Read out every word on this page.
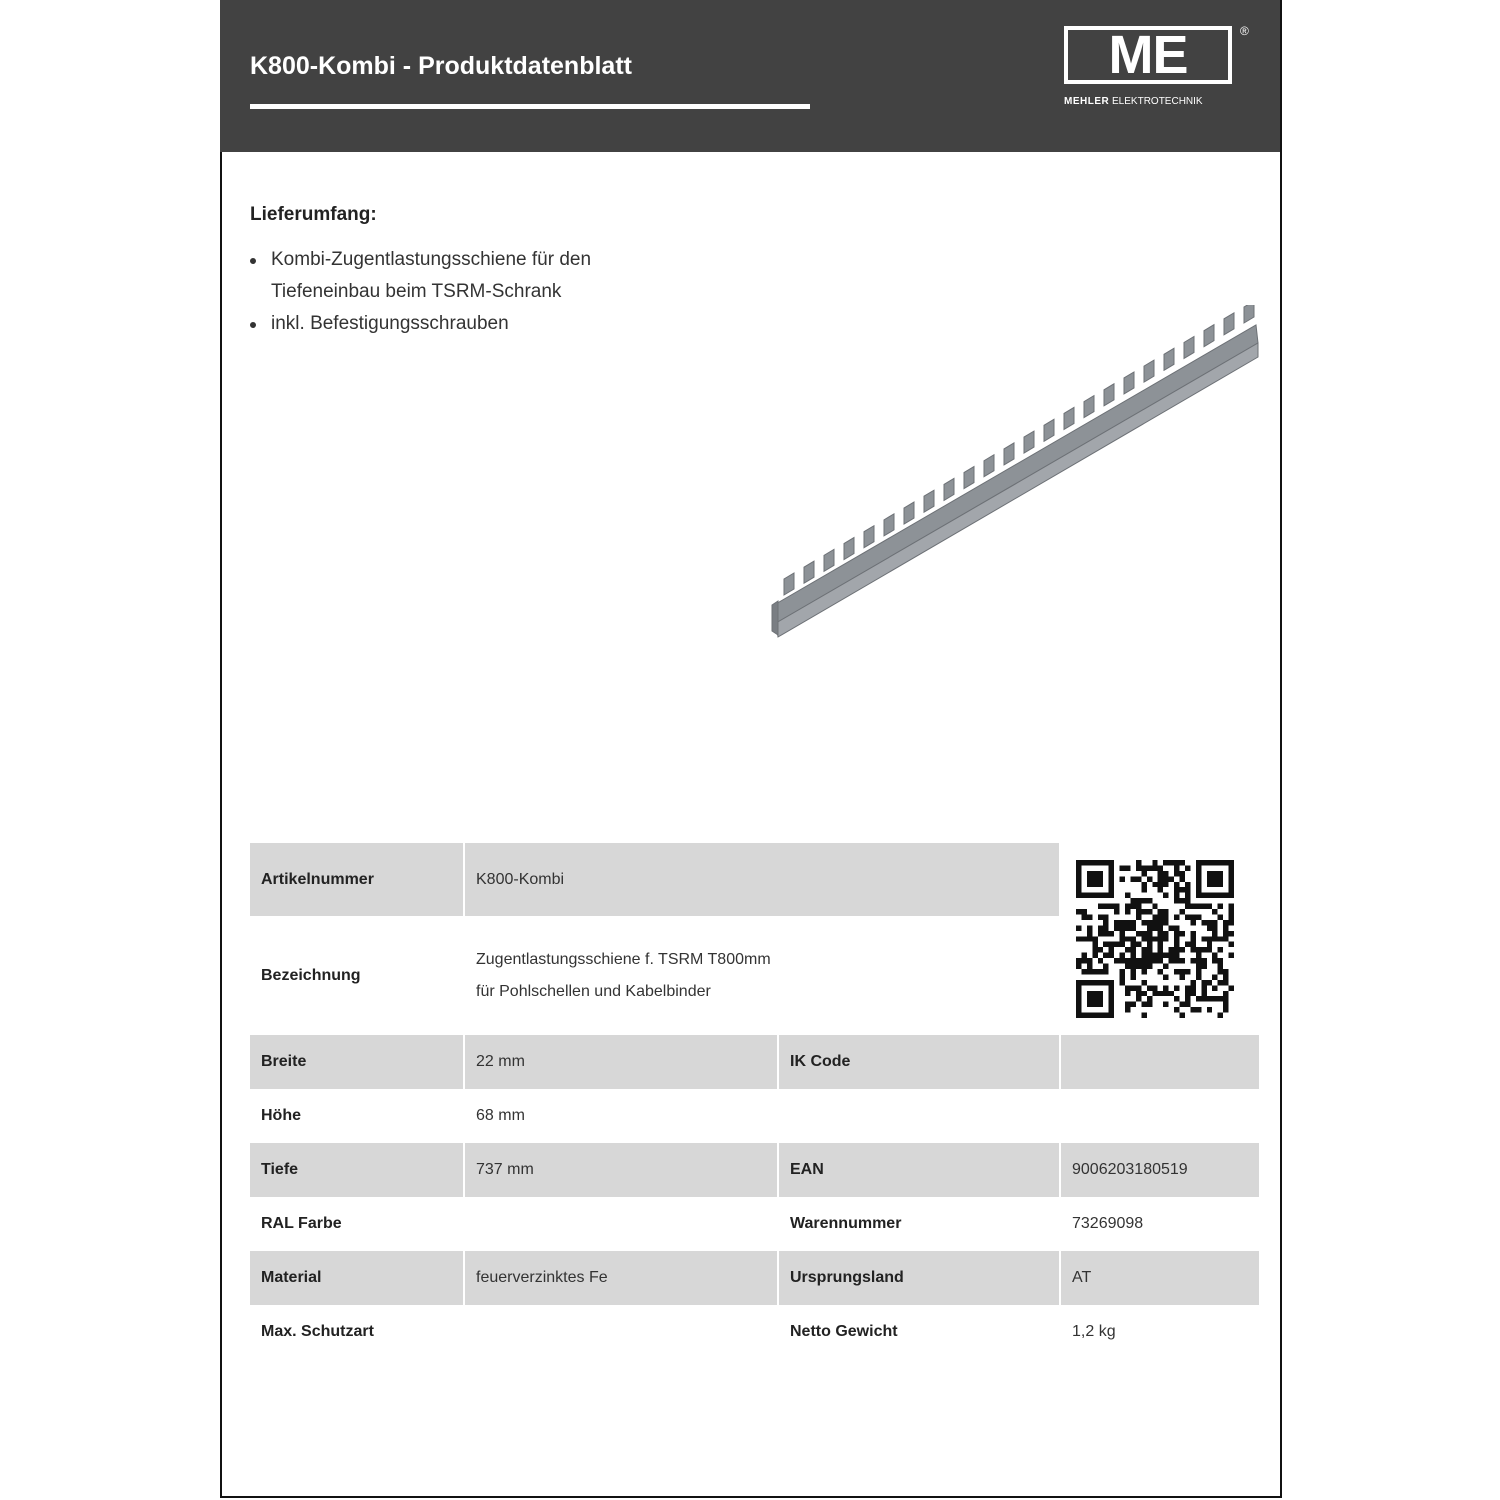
K800-Kombi - Produktdatenblatt	ME	®
MEHLER ELEKTROTECHNIK
Lieferumfang:
Kombi-Zugentlastungsschiene für den Tiefeneinbau beim TSRM-Schrank
inkl. Befestigungsschrauben
Artikelnummer	K800-Kombi		
Bezeichnung	Zugentlastungsschiene f. TSRM T800mm
für Pohlschellen und Kabelbinder		

Breite	22 mm	IK Code	
Höhe	68 mm		
Tiefe	737 mm	EAN	9006203180519
RAL Farbe		Warennummer	73269098
Material	feuerverzinktes Fe	Ursprungsland	AT
Max. Schutzart		Netto Gewicht	1,2 kg
